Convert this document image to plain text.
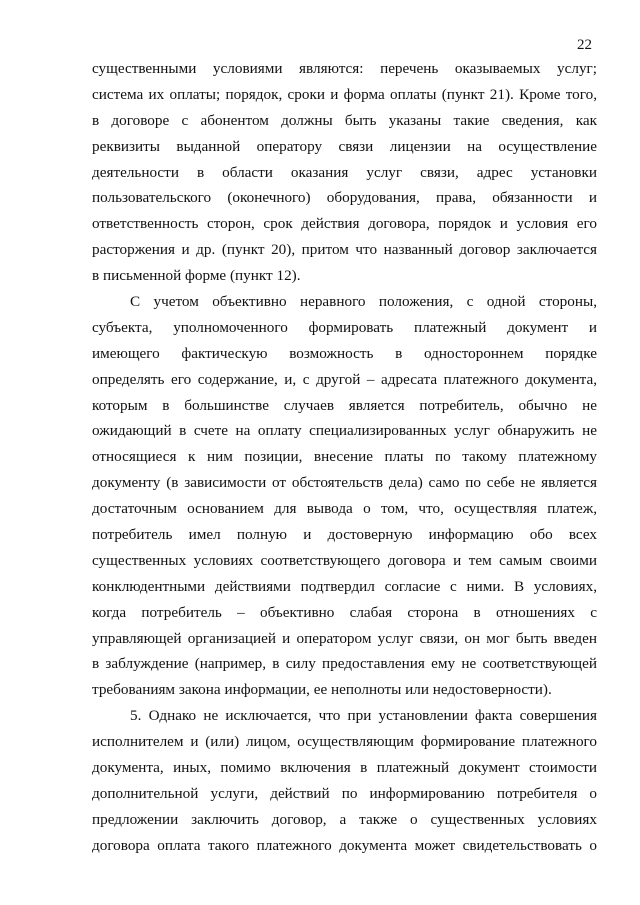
22
существенными условиями являются: перечень оказываемых услуг;
система их оплаты; порядок, сроки и форма оплаты (пункт 21). Кроме того,
в договоре с абонентом должны быть указаны такие сведения, как
реквизиты выданной оператору связи лицензии на осуществление
деятельности в области оказания услуг связи, адрес установки
пользовательского (оконечного) оборудования, права, обязанности и
ответственность сторон, срок действия договора, порядок и условия его
расторжения и др. (пункт 20), притом что названный договор заключается
в письменной форме (пункт 12).
С учетом объективно неравного положения, с одной стороны,
субъекта, уполномоченного формировать платежный документ и
имеющего фактическую возможность в одностороннем порядке
определять его содержание, и, с другой – адресата платежного документа,
которым в большинстве случаев является потребитель, обычно не
ожидающий в счете на оплату специализированных услуг обнаружить не
относящиеся к ним позиции, внесение платы по такому платежному
документу (в зависимости от обстоятельств дела) само по себе не является
достаточным основанием для вывода о том, что, осуществляя платеж,
потребитель имел полную и достоверную информацию обо всех
существенных условиях соответствующего договора и тем самым своими
конклюдентными действиями подтвердил согласие с ними. В условиях,
когда потребитель – объективно слабая сторона в отношениях с
управляющей организацией и оператором услуг связи, он мог быть введен
в заблуждение (например, в силу предоставления ему не соответствующей
требованиям закона информации, ее неполноты или недостоверности).
5. Однако не исключается, что при установлении факта совершения
исполнителем и (или) лицом, осуществляющим формирование платежного
документа, иных, помимо включения в платежный документ стоимости
дополнительной услуги, действий по информированию потребителя о
предложении заключить договор, а также о существенных условиях
договора оплата такого платежного документа может свидетельствовать о
